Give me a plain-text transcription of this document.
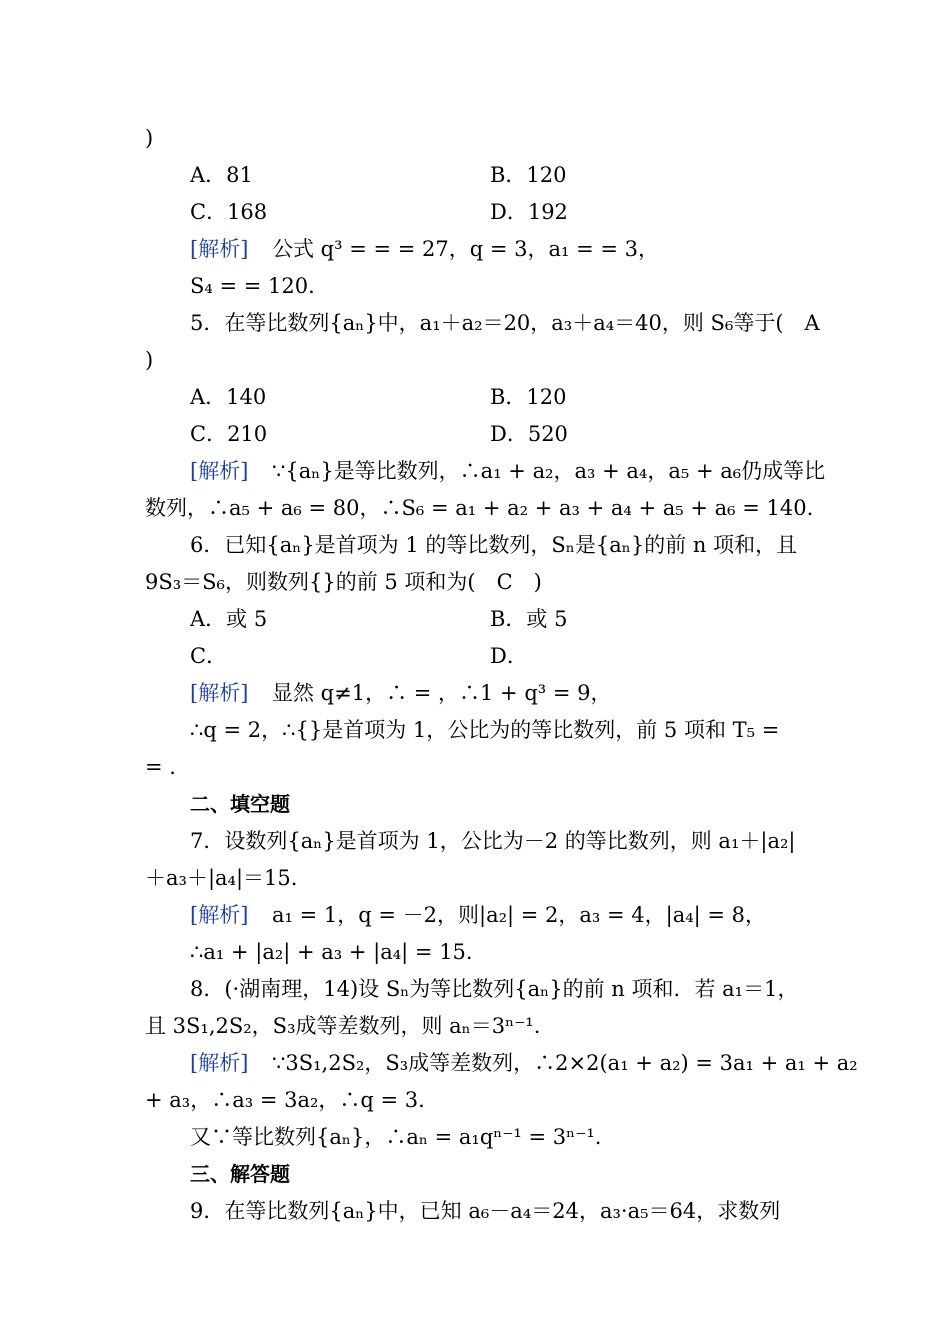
)
A．81	B．120
C．168	D．192
[解析] 公式 q³ = = = 27，q = 3，a₁ = = 3，
S₄ = = 120.
5．在等比数列{aₙ}中，a₁＋a₂＝20，a₃＋a₄＝40，则 S₆等于(　A
)
A．140	B．120
C．210	D．520
[解析] ∵{aₙ}是等比数列，∴a₁ + a₂，a₃ + a₄，a₅ + a₆仍成等比
数列，∴a₅ + a₆ = 80，∴S₆ = a₁ + a₂ + a₃ + a₄ + a₅ + a₆ = 140.
6．已知{aₙ}是首项为 1 的等比数列，Sₙ是{aₙ}的前 n 项和，且
9S₃＝S₆，则数列{}的前 5 项和为(　C　)
A．或 5	B．或 5
C．	D．
[解析] 显然 q≠1，∴ = ，∴1 + q³ = 9，
∴q = 2，∴{}是首项为 1，公比为的等比数列，前 5 项和 T₅ =
= .
二、填空题
7．设数列{aₙ}是首项为 1，公比为－2 的等比数列，则 a₁＋|a₂|
＋a₃＋|a₄|＝15.
[解析] a₁ = 1，q = －2，则|a₂| = 2，a₃ = 4，|a₄| = 8，
∴a₁ + |a₂| + a₃ + |a₄| = 15.
8．(·湖南理，14)设 Sₙ为等比数列{aₙ}的前 n 项和．若 a₁＝1，
且 3S₁,2S₂，S₃成等差数列，则 aₙ＝3ⁿ⁻¹.
[解析] ∵3S₁,2S₂，S₃成等差数列，∴2×2(a₁ + a₂) = 3a₁ + a₁ + a₂
+ a₃，∴a₃ = 3a₂，∴q = 3.
又∵等比数列{aₙ}，∴aₙ = a₁qⁿ⁻¹ = 3ⁿ⁻¹.
三、解答题
9．在等比数列{aₙ}中，已知 a₆－a₄＝24，a₃·a₅＝64，求数列
